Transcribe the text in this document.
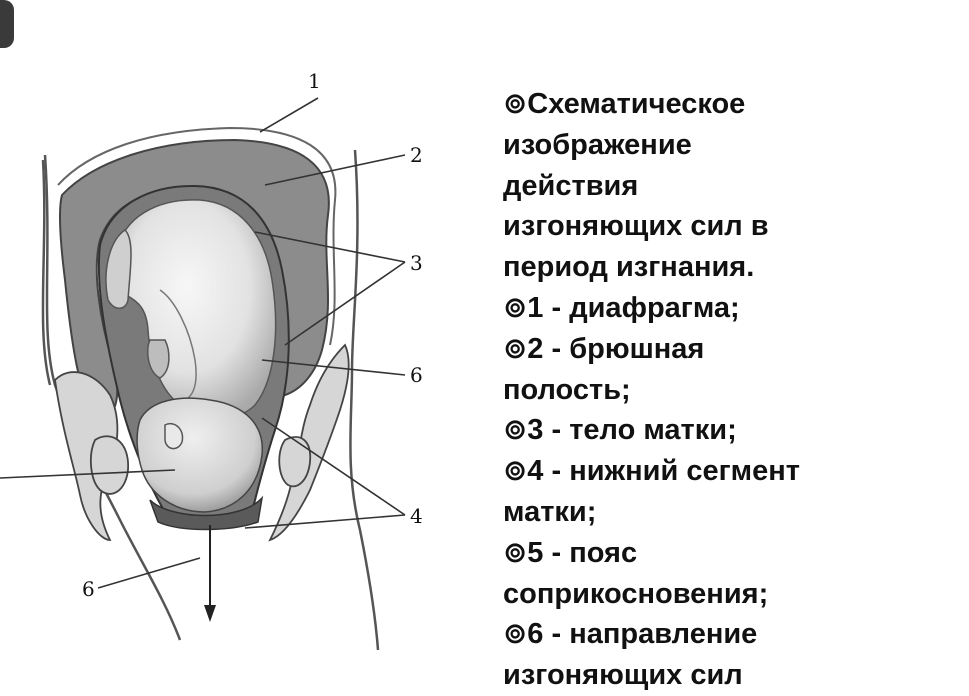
1
2
3
6
4
6
⊚Схематическое
изображение
действия
изгоняющих сил в
период изгнания.
⊚1 - диафрагма;
⊚2 - брюшная
полость;
⊚3 - тело матки;
⊚4 - нижний сегмент
матки;
⊚5 - пояс
соприкосновения;
⊚6 - направление
изгоняющих сил
